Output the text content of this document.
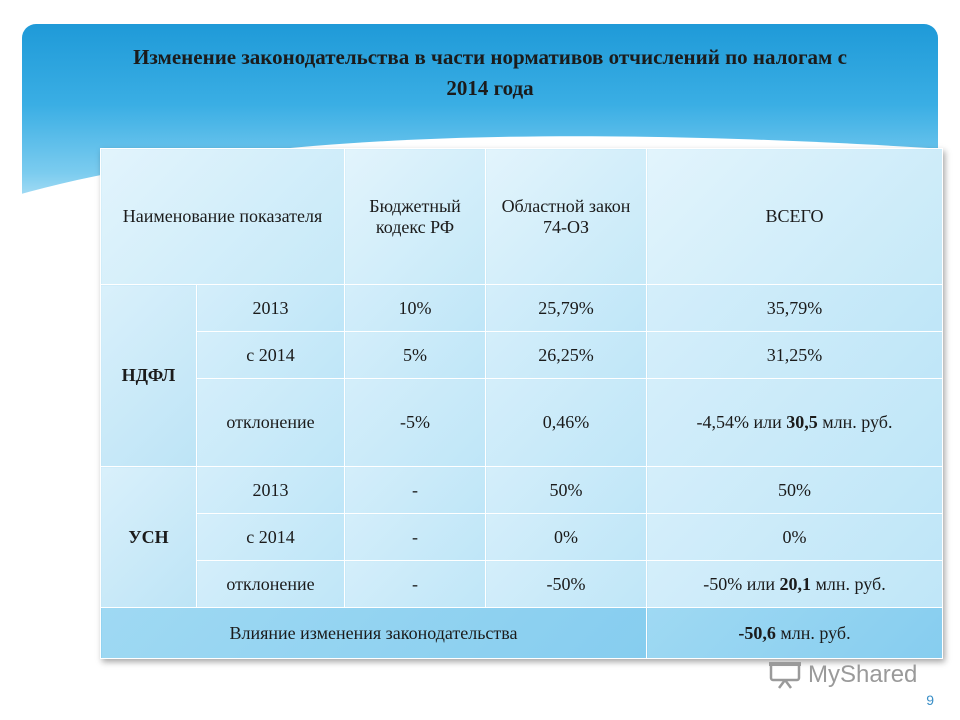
Изменение законодательства в части нормативов отчислений по налогам с 2014 года
Наименование показателя		Бюджетный кодекс РФ	Областной закон 74-ОЗ	ВСЕГО
НДФЛ	2013	10%	25,79%	35,79%
	с 2014	5%	26,25%	31,25%
	отклонение	-5%	0,46%	-4,54% или 30,5 млн. руб.
УСН	2013	-	50%	50%
	с 2014	-	0%	0%
	отклонение	-	-50%	-50% или 20,1 млн. руб.
Влияние изменения законодательства				-50,6 млн. руб.
MyShared
9
